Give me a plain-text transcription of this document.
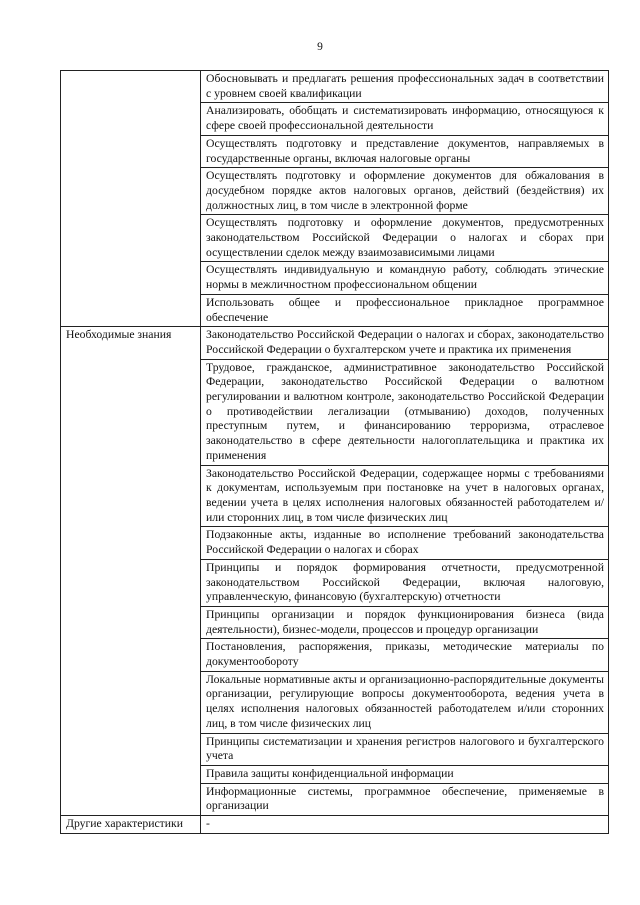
9
	Обосновывать и предлагать решения профессиональных задач в соответствии с уровнем своей квалификации
	Анализировать, обобщать и систематизировать информацию, относящуюся к сфере своей профессиональной деятельности
	Осуществлять подготовку и представление документов, направляемых в государственные органы, включая налоговые органы
	Осуществлять подготовку и оформление документов для обжалования в досудебном порядке актов налоговых органов, действий (бездействия) их должностных лиц, в том числе в электронной форме
	Осуществлять подготовку и оформление документов, предусмотренных законодательством Российской Федерации о налогах и сборах при осуществлении сделок между взаимозависимыми лицами
	Осуществлять индивидуальную и командную работу, соблюдать этические нормы в межличностном профессиональном общении
	Использовать общее и профессиональное прикладное программное обеспечение
Необходимые знания	Законодательство Российской Федерации о налогах и сборах, законодательство Российской Федерации о бухгалтерском учете и практика их применения
	Трудовое, гражданское, административное законодательство Российской Федерации, законодательство Российской Федерации о валютном регулировании и валютном контроле, законодательство Российской Федерации о противодействии легализации (отмыванию) доходов, полученных преступным путем, и финансированию терроризма, отраслевое законодательство в сфере деятельности налогоплательщика и практика их применения
	Законодательство Российской Федерации, содержащее нормы с требованиями к документам, используемым при постановке на учет в налоговых органах, ведении учета в целях исполнения налоговых обязанностей работодателем и/или сторонних лиц, в том числе физических лиц
	Подзаконные акты, изданные во исполнение требований законодательства Российской Федерации о налогах и сборах
	Принципы и порядок формирования отчетности, предусмотренной законодательством Российской Федерации, включая налоговую, управленческую, финансовую (бухгалтерскую) отчетности
	Принципы организации и порядок функционирования бизнеса (вида деятельности), бизнес-модели, процессов и процедур организации
	Постановления, распоряжения, приказы, методические материалы по документообороту
	Локальные нормативные акты и организационно-распорядительные документы организации, регулирующие вопросы документооборота, ведения учета в целях исполнения налоговых обязанностей работодателем и/или сторонних лиц, в том числе физических лиц
	Принципы систематизации и хранения регистров налогового и бухгалтерского учета
	Правила защиты конфиденциальной информации
	Информационные системы, программное обеспечение, применяемые в организации
Другие характеристики	-
